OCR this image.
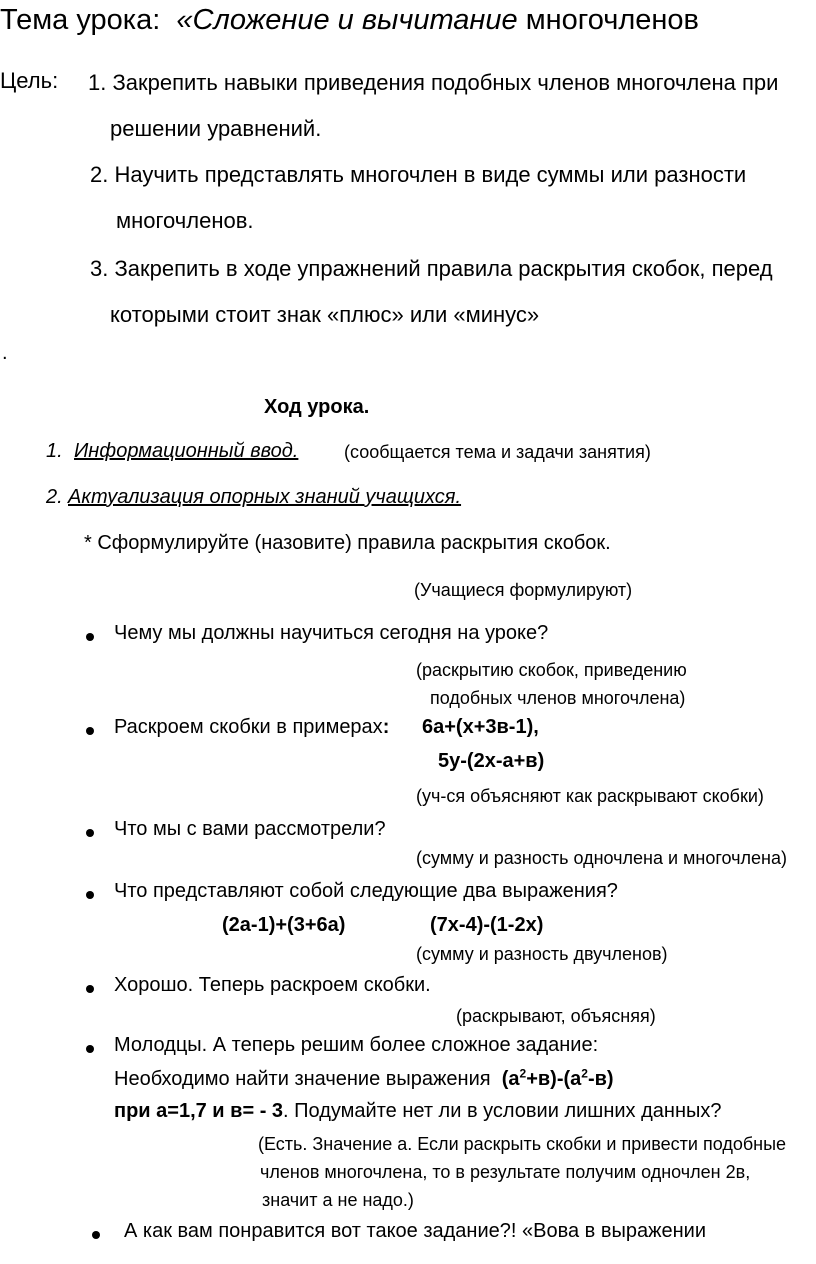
Тема урока: «Сложение и вычитание многочленов
Цель: 1. Закрепить навыки приведения подобных членов многочлена при
решении уравнений.
2. Научить представлять многочлен в виде суммы или разности
многочленов.
3. Закрепить в ходе упражнений правила раскрытия скобок, перед
которыми стоит знак «плюс» или «минус»
.
Ход урока.
1. Информационный ввод.	(сообщается тема и задачи занятия)
2. Актуализация опорных знаний учащихся.
* Сформулируйте (назовите) правила раскрытия скобок.
(Учащиеся формулируют)
Чему мы должны научиться сегодня на уроке?
(раскрытию скобок, приведению
подобных членов многочлена)
Раскроем скобки в примерах: 6а+(х+3в-1),
5у-(2х-а+в)
(уч-ся объясняют как раскрывают скобки)
Что мы с вами рассмотрели?
(сумму и разность одночлена и многочлена)
Что представляют собой следующие два выражения?
(2а-1)+(3+6а)	(7х-4)-(1-2х)
(сумму и разность двучленов)
Хорошо. Теперь раскроем скобки.
(раскрывают, объясняя)
Молодцы. А теперь решим более сложное задание:
Необходимо найти значение выражения $(а^2+в)-(а^2-в)$
при а=1,7 и в= - 3. Подумайте нет ли в условии лишних данных?
(Есть. Значение а. Если раскрыть скобки и привести подобные
членов многочлена, то в результате получим одночлен 2в,
значит а не надо.)
А как вам понравится вот такое задание?! «Вова в выражении
